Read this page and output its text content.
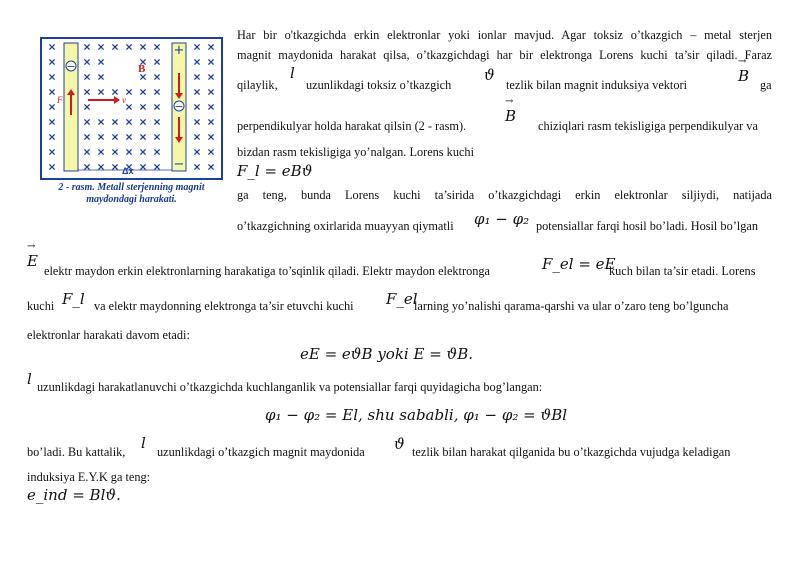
−
−
+
−
B
v
F
Δx
2 - rasm. Metall sterjenning magnit maydondagi harakati.
Har bir o'tkazgichda erkin elektronlar yoki ionlar mavjud. Agar toksiz o’tkazgich – metal sterjen
magnit maydonida harakat qilsa, o’tkazgichdagi har bir elektronga Lorens kuchi ta’sir qiladi. Faraz
qilaylik,
l
uzunlikdagi toksiz o’tkazgich
ϑ
tezlik bilan magnit induksiya vektori
→	B ga
perpendikulyar holda harakat qilsin (2 - rasm).
→ B
chiziqlari rasm tekisligiga perpendikulyar va
bizdan rasm tekisligiga yo’nalgan. Lorens kuchi
F_l = eBϑ
ga teng, bunda Lorens kuchi ta’sirida o’tkazgichdagi erkin elektronlar siljiydi, natijada
o’tkazgichning oxirlarida muayyan qiymatli φ₁ − φ₂ potensiallar farqi hosil bo’ladi. Hosil bo’lgan
→ E
elektr maydon erkin elektronlarning harakatiga to’sqinlik qiladi. Elektr maydon elektronga	F_el = eE
kuch bilan ta’sir etadi. Lorens
kuchi F_l va elektr maydonning elektronga ta’sir etuvchi kuchi F_el
larning yo’nalishi qarama-qarshi va ular o’zaro teng bo’lguncha
elektronlar harakati davom etadi:
eE = eϑB yoki E = ϑB.
l uzunlikdagi harakatlanuvchi o’tkazgichda kuchlanganlik va potensiallar farqi quyidagicha bog’langan:
φ₁ − φ₂ = El, shu sababli, φ₁ − φ₂ = ϑBl
bo’ladi. Bu kattalik, l uzunlikdagi o’tkazgich magnit maydonida ϑ tezlik bilan harakat qilganida bu o’tkazgichda vujudga keladigan
induksiya E.Y.K ga teng:
e_ind = Blϑ.
